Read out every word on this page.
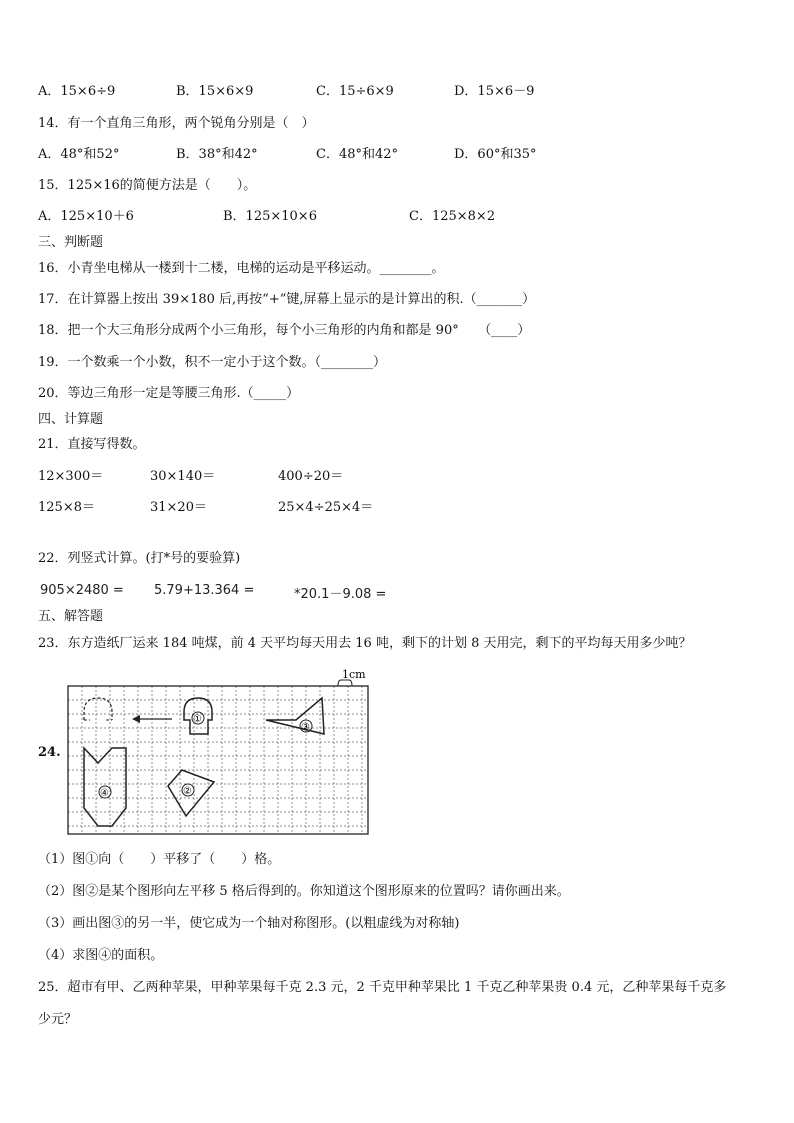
A．15×6÷9	B．15×6×9	C．15÷6×9	D．15×6－9
14．有一个直角三角形，两个锐角分别是（　）
A．48°和52°	B．38°和42°	C．48°和42°	D．60°和35°
15．125×16的简便方法是（　　）。
A．125×10＋6	B．125×10×6	C．125×8×2
三、判断题
16．小青坐电梯从一楼到十二楼，电梯的运动是平移运动。________。
17．在计算器上按出 39×180 后,再按“+”键,屏幕上显示的是计算出的积.（_______）
18．把一个大三角形分成两个小三角形，每个小三角形的内角和都是 90°　　（____）
19．一个数乘一个小数，积不一定小于这个数。（________）
20．等边三角形一定是等腰三角形.（_____）
四、计算题
21．直接写得数。
12×300＝	30×140＝	400÷20＝
125×8＝	31×20＝	25×4÷25×4＝
22．列竖式计算。(打*号的要验算)
905×2480 = 5.79+13.364 =	*20.1－9.08 =
五、解答题
23．东方造纸厂运来 184 吨煤，前 4 天平均每天用去 16 吨，剩下的计划 8 天用完，剩下的平均每天用多少吨？
24.
1cm
①
③
④	②
（1）图①向（　　）平移了（　　）格。
（2）图②是某个图形向左平移 5 格后得到的。你知道这个图形原来的位置吗？请你画出来。
（3）画出图③的另一半，使它成为一个轴对称图形。(以粗虚线为对称轴)
（4）求图④的面积。
25．超市有甲、乙两种苹果，甲种苹果每千克 2.3 元，2 千克甲种苹果比 1 千克乙种苹果贵 0.4 元，乙种苹果每千克多
少元？
